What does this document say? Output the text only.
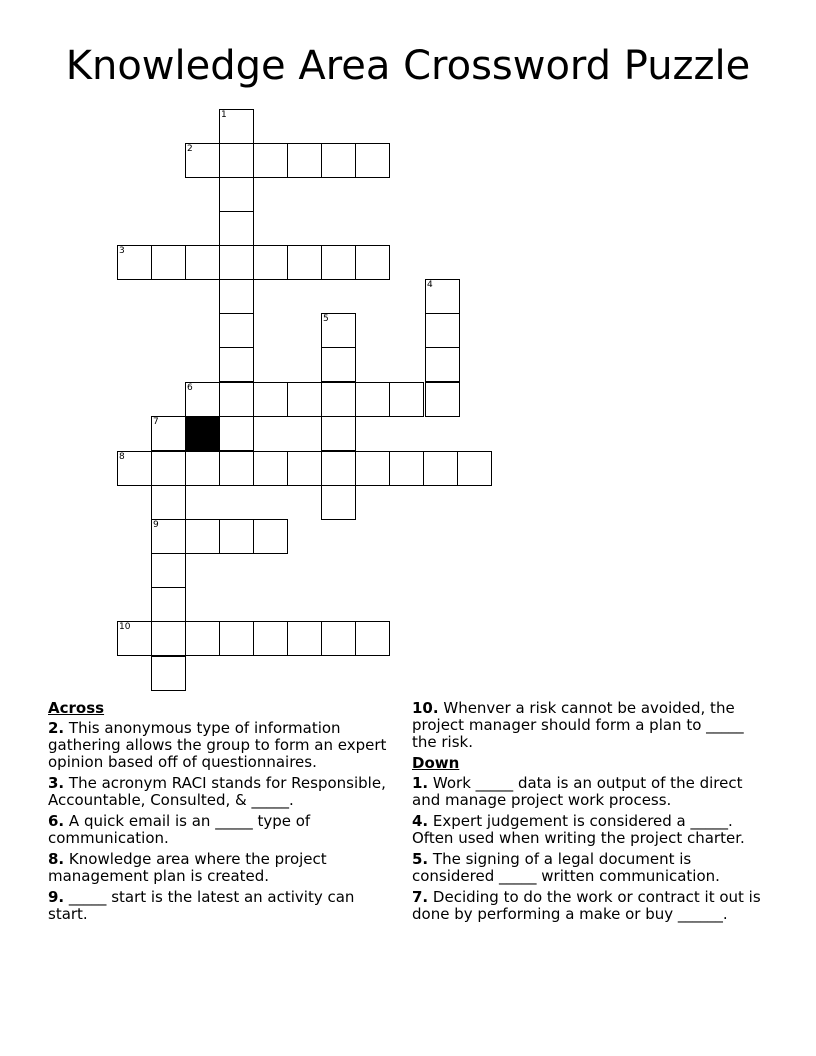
Knowledge Area Crossword Puzzle
1
2
3
4
5
6
7
8
9
10
Across
2. This anonymous type of information gathering allows the group to form an expert opinion based off of questionnaires.
3. The acronym RACI stands for Responsible, Accountable, Consulted, & _____.
6. A quick email is an _____ type of communication.
8. Knowledge area where the project management plan is created.
9. _____ start is the latest an activity can start.
10. Whenver a risk cannot be avoided, the project manager should form a plan to _____ the risk.
Down
1. Work _____ data is an output of the direct and manage project work process.
4. Expert judgement is considered a _____. Often used when writing the project charter.
5. The signing of a legal document is considered _____ written communication.
7. Deciding to do the work or contract it out is done by performing a make or buy ______.
